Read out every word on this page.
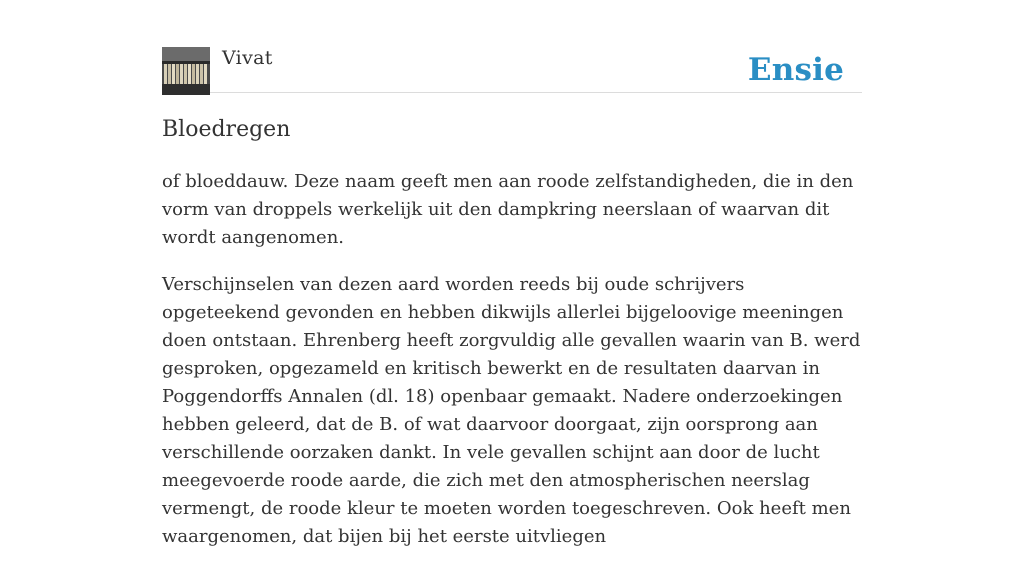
Vivat	Ensie
Bloedregen

of bloeddauw. Deze naam geeft men aan roode zelfstandigheden, die in den vorm van droppels werkelijk uit den dampkring neerslaan of waarvan dit wordt aangenomen.

Verschijnselen van dezen aard worden reeds bij oude schrijvers opgeteekend gevonden en hebben dikwijls allerlei bijgeloovige meeningen doen ontstaan. Ehrenberg heeft zorgvuldig alle gevallen waarin van B. werd gesproken, opgezameld en kritisch bewerkt en de resultaten daarvan in Poggendorffs Annalen (dl. 18) openbaar gemaakt. Nadere onderzoekingen hebben geleerd, dat de B. of wat daarvoor doorgaat, zijn oorsprong aan verschillende oorzaken dankt. In vele gevallen schijnt aan door de lucht meegevoerde roode aarde, die zich met den atmospherischen neerslag vermengt, de roode kleur te moeten worden toegeschreven. Ook heeft men waargenomen, dat bijen bij het eerste uitvliegen
